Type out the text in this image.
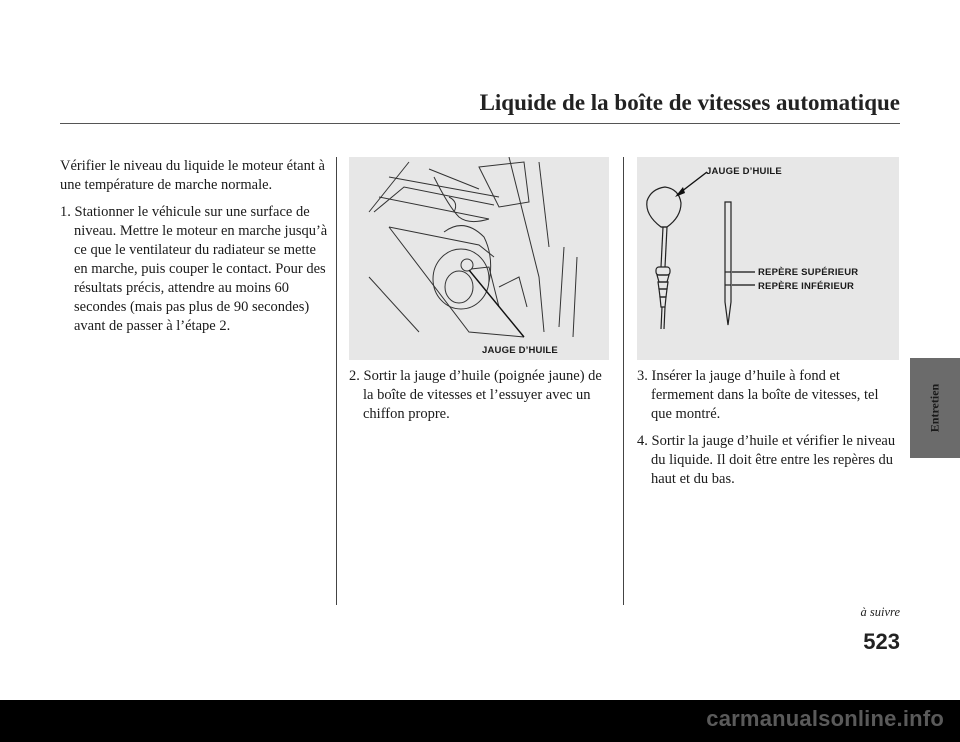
Liquide de la boîte de vitesses automatique

Vérifier le niveau du liquide le moteur étant à une température de marche normale.

1. Stationner le véhicule sur une surface de niveau. Mettre le moteur en marche jusqu’à ce que le ventilateur du radiateur se mette en marche, puis couper le contact. Pour des résultats précis, attendre au moins 60 secondes (mais pas plus de 90 secondes) avant de passer à l’étape 2.

JAUGE D’HUILE

2. Sortir la jauge d’huile (poignée jaune) de la boîte de vitesses et l’essuyer avec un chiffon propre.

JAUGE D’HUILE
REPÈRE SUPÉRIEUR
REPÈRE INFÉRIEUR

3. Insérer la jauge d’huile à fond et fermement dans la boîte de vitesses, tel que montré.

4. Sortir la jauge d’huile et vérifier le niveau du liquide. Il doit être entre les repères du haut et du bas.

Entretien
à suivre
523
carmanualsonline.info
